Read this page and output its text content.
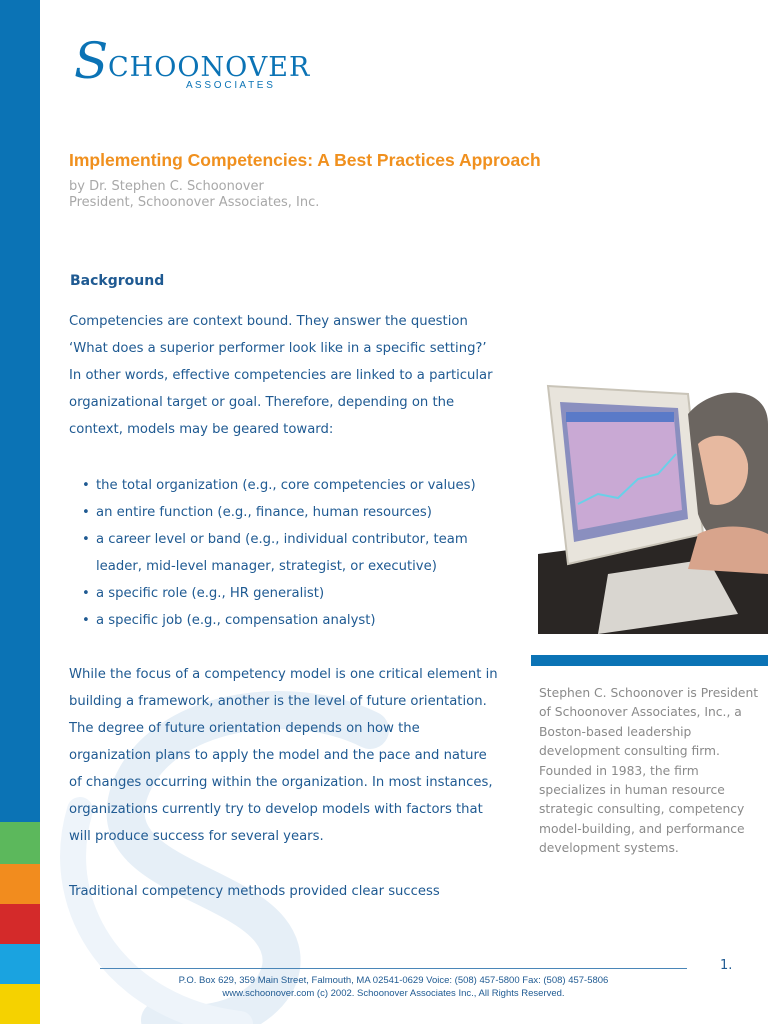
S CHOONOVER
A S S O C I A T E S
Implementing Competencies: A Best Practices Approach
by Dr. Stephen C. Schoonover
President, Schoonover Associates, Inc.
Background

Competencies are context bound. They answer the question ‘What does a superior performer look like in a specific setting?’ In other words, effective competencies are linked to a particular organizational target or goal. Therefore, depending on the context, models may be geared toward:

• the total organization (e.g., core competencies or values)
• an entire function (e.g., finance, human resources)
• a career level or band (e.g., individual contributor, team leader, mid-level manager, strategist, or executive)
• a specific role (e.g., HR generalist)
• a specific job (e.g., compensation analyst)

While the focus of a competency model is one critical element in building a framework, another is the level of future orientation. The degree of future orientation depends on how the organization plans to apply the model and the pace and nature of changes occurring within the organization. In most instances, organizations currently try to develop models with factors that will produce success for several years.

Traditional competency methods provided clear success

Stephen C. Schoonover is President of Schoonover Associates, Inc., a Boston-based leadership development consulting firm. Founded in 1983, the firm specializes in human resource strategic consulting, competency model-building, and performance development systems.

1.
P.O. Box 629, 359 Main Street, Falmouth, MA 02541-0629 Voice: (508) 457-5800 Fax: (508) 457-5806
www.schoonover.com (c) 2002. Schoonover Associates Inc., All Rights Reserved.
